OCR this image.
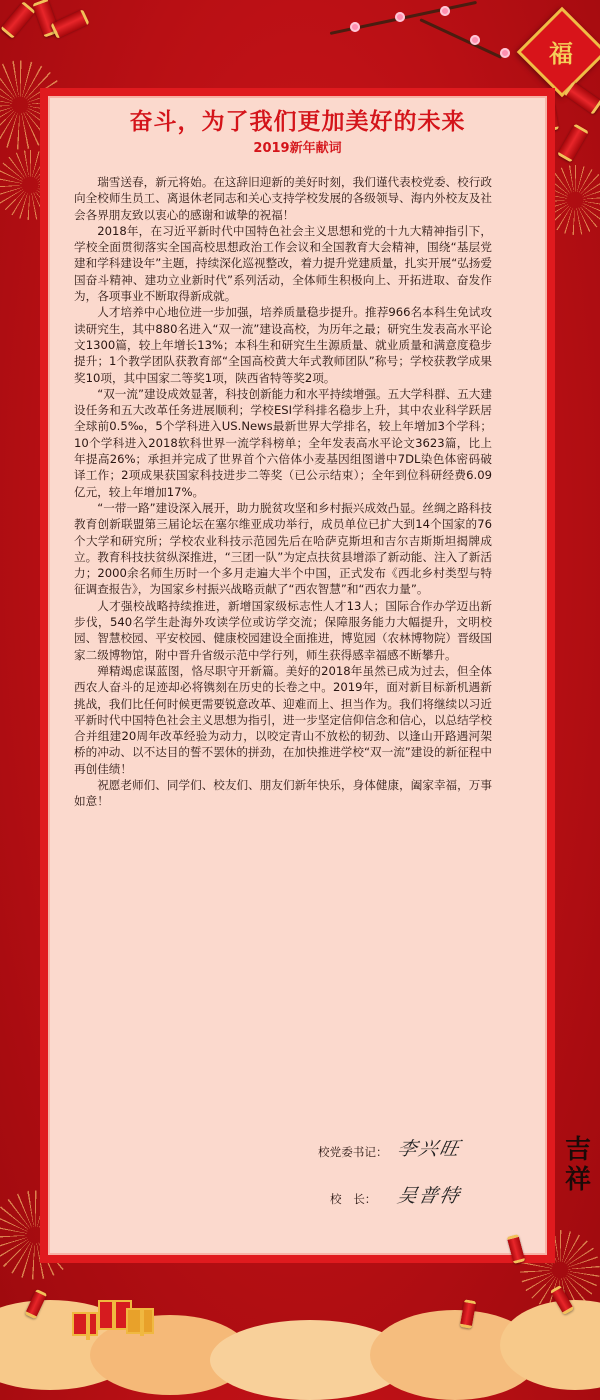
福
奋斗，为了我们更加美好的未来
2019新年献词

瑞雪送春，新元将始。在这辞旧迎新的美好时刻，我们谨代表校党委、校行政向全校师生员工、离退休老同志和关心支持学校发展的各级领导、海内外校友及社会各界朋友致以衷心的感谢和诚挚的祝福！

2018年，在习近平新时代中国特色社会主义思想和党的十九大精神指引下，学校全面贯彻落实全国高校思想政治工作会议和全国教育大会精神，围绕“基层党建和学科建设年”主题，持续深化巡视整改，着力提升党建质量，扎实开展“弘扬爱国奋斗精神、建功立业新时代”系列活动，全体师生积极向上、开拓进取、奋发作为，各项事业不断取得新成就。

人才培养中心地位进一步加强，培养质量稳步提升。推荐966名本科生免试攻读研究生，其中880名进入“双一流”建设高校，为历年之最；研究生发表高水平论文1300篇，较上年增长13%；本科生和研究生生源质量、就业质量和满意度稳步提升；1个教学团队获教育部“全国高校黄大年式教师团队”称号；学校获教学成果奖10项，其中国家二等奖1项，陕西省特等奖2项。

“双一流”建设成效显著，科技创新能力和水平持续增强。五大学科群、五大建设任务和五大改革任务进展顺利；学校ESI学科排名稳步上升，其中农业科学跃居全球前0.5‰，5个学科进入US.News最新世界大学排名，较上年增加3个学科；10个学科进入2018软科世界一流学科榜单；全年发表高水平论文3623篇，比上年提高26%；承担并完成了世界首个六倍体小麦基因组图谱中7DL染色体密码破译工作；2项成果获国家科技进步二等奖（已公示结束）；全年到位科研经费6.09亿元，较上年增加17%。

“一带一路”建设深入展开，助力脱贫攻坚和乡村振兴成效凸显。丝绸之路科技教育创新联盟第三届论坛在塞尔维亚成功举行，成员单位已扩大到14个国家的76个大学和研究所；学校农业科技示范园先后在哈萨克斯坦和吉尔吉斯斯坦揭牌成立。教育科技扶贫纵深推进，“三团一队”为定点扶贫县增添了新动能、注入了新活力；2000余名师生历时一个多月走遍大半个中国，正式发布《西北乡村类型与特征调查报告》，为国家乡村振兴战略贡献了“西农智慧”和“西农力量”。

人才强校战略持续推进，新增国家级标志性人才13人；国际合作办学迈出新步伐，540名学生赴海外攻读学位或访学交流；保障服务能力大幅提升，文明校园、智慧校园、平安校园、健康校园建设全面推进，博览园（农林博物院）晋级国家二级博物馆，附中晋升省级示范中学行列，师生获得感幸福感不断攀升。

殚精竭虑谋蓝图，恪尽职守开新篇。美好的2018年虽然已成为过去，但全体西农人奋斗的足迹却必将镌刻在历史的长卷之中。2019年，面对新目标新机遇新挑战，我们比任何时候更需要锐意改革、迎难而上、担当作为。我们将继续以习近平新时代中国特色社会主义思想为指引，进一步坚定信仰信念和信心，以总结学校合并组建20周年改革经验为动力，以咬定青山不放松的韧劲、以逢山开路遇河架桥的冲动、以不达目的誓不罢休的拼劲，在加快推进学校“双一流”建设的新征程中再创佳绩！

祝愿老师们、同学们、校友们、朋友们新年快乐，身体健康，阖家幸福，万事如意！

校党委书记： 李兴旺
校　长： 吴普特
吉祥
